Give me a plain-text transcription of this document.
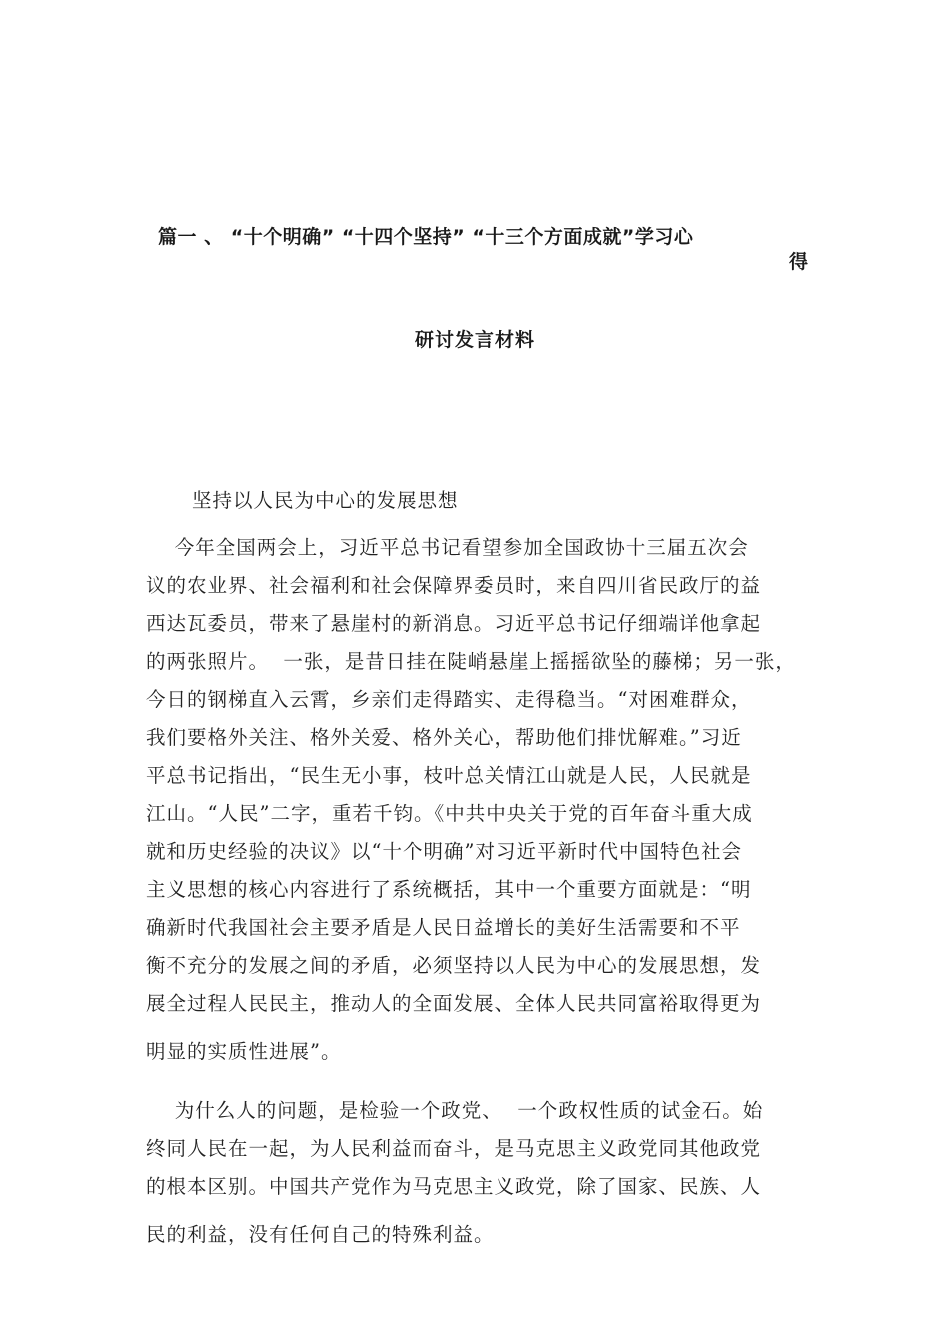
篇一 、 “十个明确” “十四个坚持” “十三个方面成就”学习心
得
研讨发言材料
坚持以人民为中心的发展思想
今年全国两会上，习近平总书记看望参加全国政协十三届五次会
议的农业界、社会福利和社会保障界委员时，来自四川省民政厅的益
西达瓦委员，带来了悬崖村的新消息。习近平总书记仔细端详他拿起
的两张照片。  一张，是昔日挂在陡峭悬崖上摇摇欲坠的藤梯；另一张，
今日的钢梯直入云霄，乡亲们走得踏实、走得稳当。“对困难群众，
我们要格外关注、格外关爱、格外关心，帮助他们排忧解难。”习近
平总书记指出，“民生无小事，枝叶总关情江山就是人民，人民就是
江山。“人民”二字，重若千钧。《中共中央关于党的百年奋斗重大成
就和历史经验的决议》以“十个明确”对习近平新时代中国特色社会
主义思想的核心内容进行了系统概括，其中一个重要方面就是：“明
确新时代我国社会主要矛盾是人民日益增长的美好生活需要和不平
衡不充分的发展之间的矛盾，必须坚持以人民为中心的发展思想，发
展全过程人民民主，推动人的全面发展、全体人民共同富裕取得更为
明显的实质性进展”。
为什么人的问题，是检验一个政党、  一个政权性质的试金石。始
终同人民在一起，为人民利益而奋斗，是马克思主义政党同其他政党
的根本区别。中国共产党作为马克思主义政党，除了国家、民族、人
民的利益，没有任何自己的特殊利益。
